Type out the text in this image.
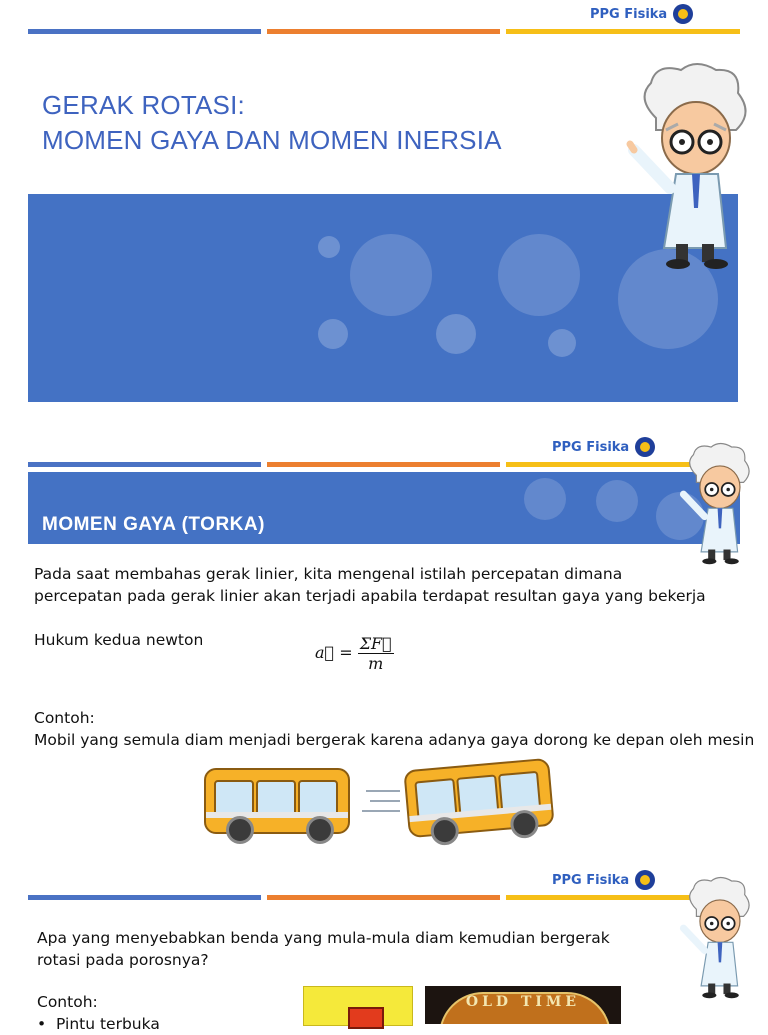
PPG Fisika
GERAK ROTASI:
MOMEN GAYA DAN MOMEN INERSIA
PPG Fisika
MOMEN GAYA (TORKA)
Pada saat membahas gerak linier, kita mengenal istilah percepatan dimana
percepatan pada gerak linier akan terjadi apabila terdapat resultan gaya yang bekerja
Hukum kedua newton
a⃗ = $\frac{\Sigma F⃗}{m}$
Contoh:
Mobil yang semula diam menjadi bergerak karena adanya gaya dorong ke depan oleh mesin
PPG Fisika
Apa yang menyebabkan benda yang mula-mula diam kemudian bergerak
rotasi pada porosnya?
Contoh:
•  Pintu terbuka
OLD TIME
